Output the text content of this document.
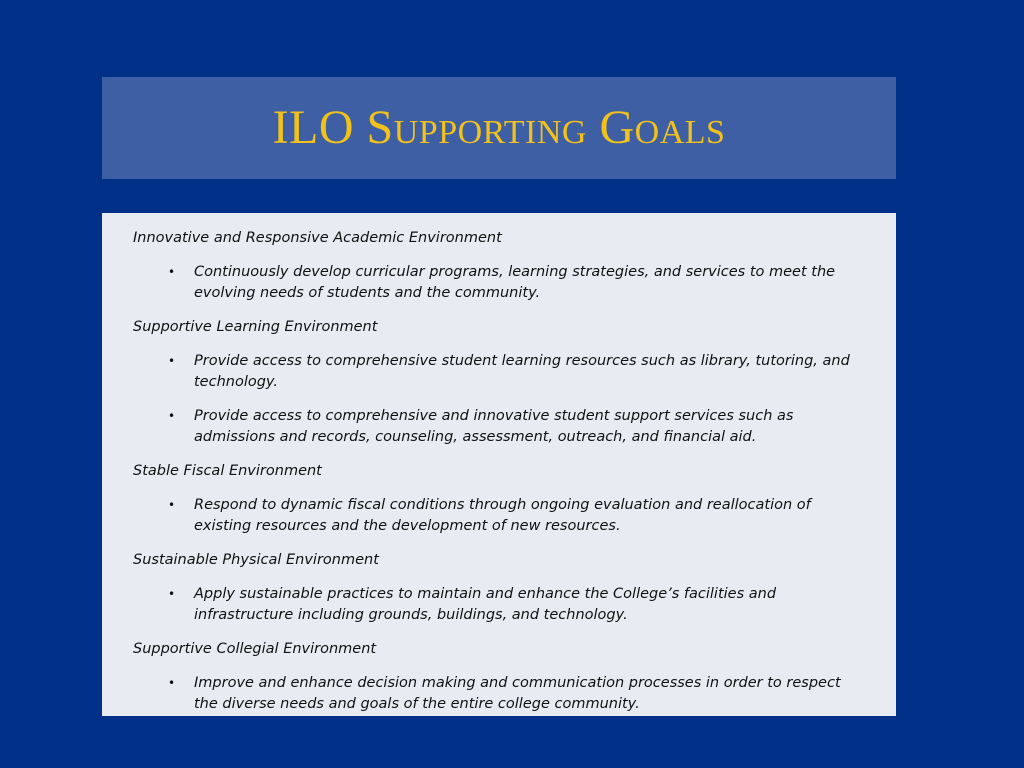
ILO Supporting Goals

Innovative and Responsive Academic Environment

• Continuously develop curricular programs, learning strategies, and services to meet the evolving needs of students and the community.

Supportive Learning Environment

• Provide access to comprehensive student learning resources such as library, tutoring, and technology.
• Provide access to comprehensive and innovative student support services such as admissions and records, counseling, assessment, outreach, and financial aid.

Stable Fiscal Environment

• Respond to dynamic fiscal conditions through ongoing evaluation and reallocation of existing resources and the development of new resources.

Sustainable Physical Environment

• Apply sustainable practices to maintain and enhance the College’s facilities and infrastructure including grounds, buildings, and technology.

Supportive Collegial Environment

• Improve and enhance decision making and communication processes in order to respect the diverse needs and goals of the entire college community.
